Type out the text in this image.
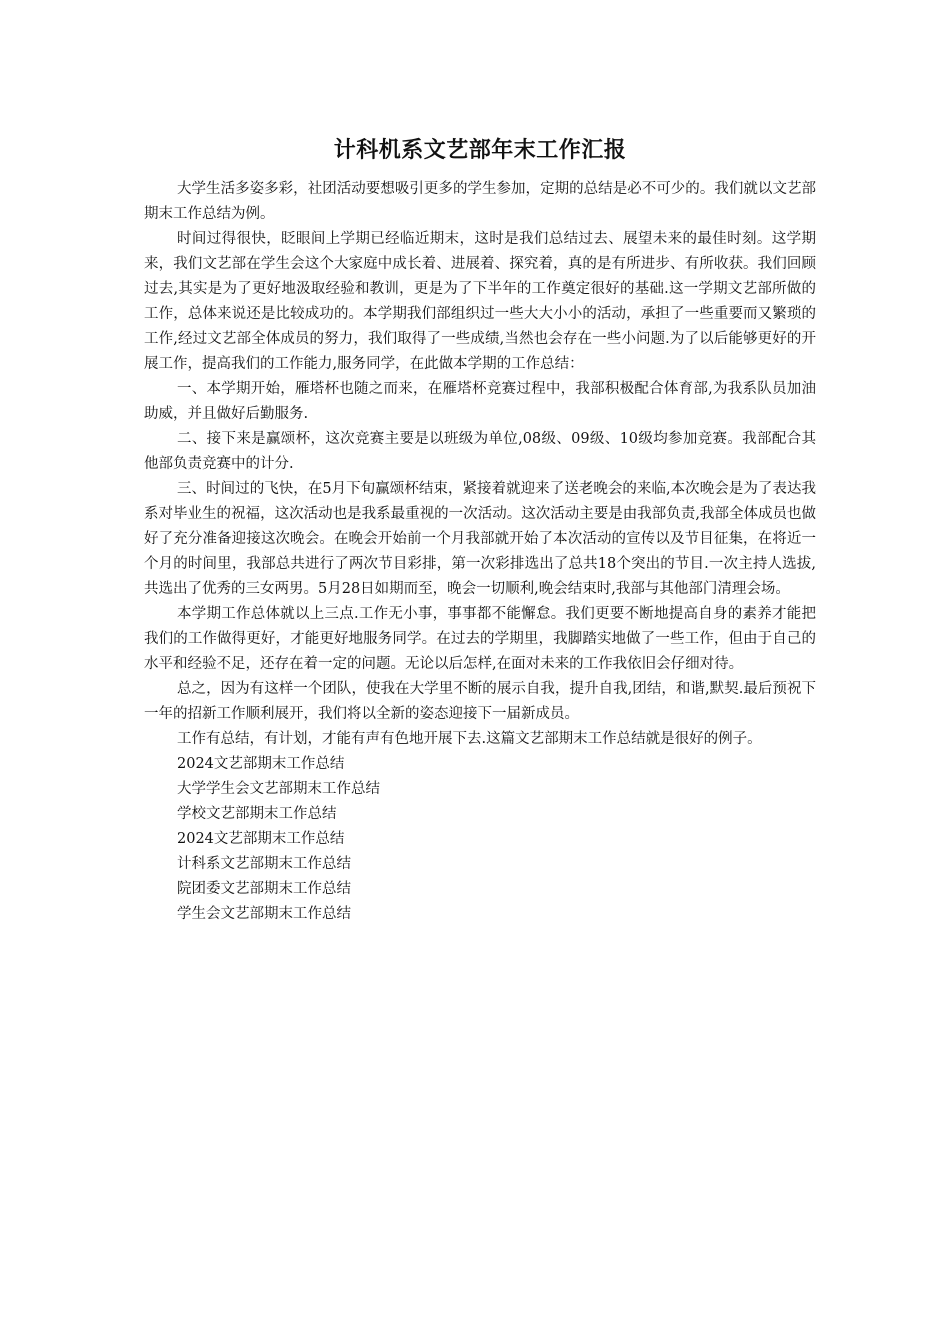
计科机系文艺部年末工作汇报

大学生活多姿多彩，社团活动要想吸引更多的学生参加，定期的总结是必不可少的。我们就以文艺部期末工作总结为例。

时间过得很快，眨眼间上学期已经临近期末，这时是我们总结过去、展望未来的最佳时刻。这学期来，我们文艺部在学生会这个大家庭中成长着、进展着、探究着，真的是有所进步、有所收获。我们回顾过去,其实是为了更好地汲取经验和教训，更是为了下半年的工作奠定很好的基础.这一学期文艺部所做的工作，总体来说还是比较成功的。本学期我们部组织过一些大大小小的活动，承担了一些重要而又繁琐的工作,经过文艺部全体成员的努力，我们取得了一些成绩,当然也会存在一些小问题.为了以后能够更好的开展工作，提高我们的工作能力,服务同学，在此做本学期的工作总结：

一、本学期开始，雁塔杯也随之而来，在雁塔杯竞赛过程中，我部积极配合体育部,为我系队员加油助威，并且做好后勤服务.

二、接下来是赢颂杯，这次竞赛主要是以班级为单位,08级、09级、10级均参加竞赛。我部配合其他部负责竞赛中的计分.

三、时间过的飞快，在5月下旬赢颂杯结束，紧接着就迎来了送老晚会的来临,本次晚会是为了表达我系对毕业生的祝福，这次活动也是我系最重视的一次活动。这次活动主要是由我部负责,我部全体成员也做好了充分准备迎接这次晚会。在晚会开始前一个月我部就开始了本次活动的宣传以及节目征集，在将近一个月的时间里，我部总共进行了两次节目彩排，第一次彩排选出了总共18个突出的节目.一次主持人选拔,共选出了优秀的三女两男。5月28日如期而至，晚会一切顺利,晚会结束时,我部与其他部门清理会场。

本学期工作总体就以上三点.工作无小事，事事都不能懈怠。我们更要不断地提高自身的素养才能把我们的工作做得更好，才能更好地服务同学。在过去的学期里，我脚踏实地做了一些工作，但由于自己的水平和经验不足，还存在着一定的问题。无论以后怎样,在面对未来的工作我依旧会仔细对待。

总之，因为有这样一个团队，使我在大学里不断的展示自我，提升自我,团结，和谐,默契.最后预祝下一年的招新工作顺利展开，我们将以全新的姿态迎接下一届新成员。

工作有总结，有计划，才能有声有色地开展下去.这篇文艺部期末工作总结就是很好的例子。

2024文艺部期末工作总结
大学学生会文艺部期末工作总结
学校文艺部期末工作总结
2024文艺部期末工作总结
计科系文艺部期末工作总结
院团委文艺部期末工作总结
学生会文艺部期末工作总结
